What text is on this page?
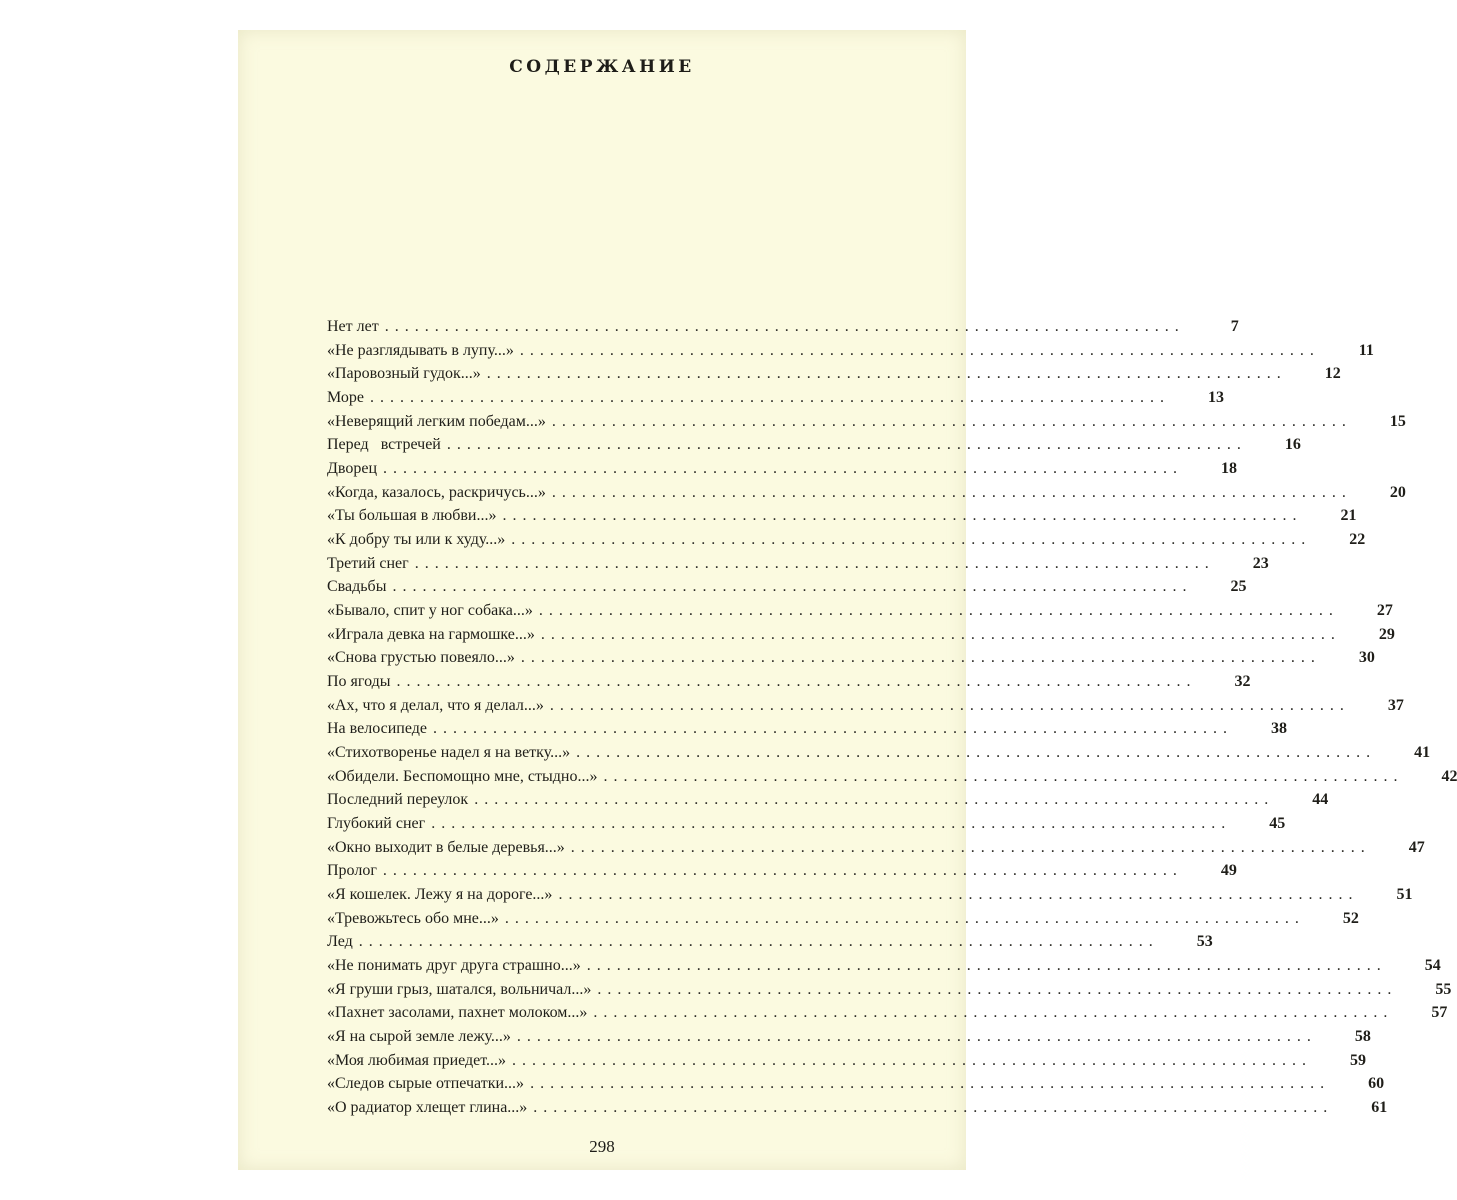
СОДЕРЖАНИЕ
Нет лет ................................................................................	7
«Не разглядывать в лупу...» ................................................................................	11
«Паровозный гудок...» ................................................................................	12
Море ................................................................................	13
«Неверящий легким победам...» ................................................................................	15
Перед   встречей ................................................................................	16
Дворец ................................................................................	18
«Когда, казалось, раскричусь...» ................................................................................	20
«Ты большая в любви...» ................................................................................	21
«К добру ты или к худу...» ................................................................................	22
Третий снег ................................................................................	23
Свадьбы ................................................................................	25
«Бывало, спит у ног собака...» ................................................................................	27
«Играла девка на гармошке...» ................................................................................	29
«Снова грустью повеяло...» ................................................................................	30
По ягоды ................................................................................	32
«Ах, что я делал, что я делал...» ................................................................................	37
На велосипеде ................................................................................	38
«Стихотворенье надел я на ветку...» ................................................................................	41
«Обидели. Беспомощно мне, стыдно...» ................................................................................	42
Последний переулок ................................................................................	44
Глубокий снег ................................................................................	45
«Окно выходит в белые деревья...» ................................................................................	47
Пролог ................................................................................	49
«Я кошелек. Лежу я на дороге...» ................................................................................	51
«Тревожьтесь обо мне...» ................................................................................	52
Лед ................................................................................	53
«Не понимать друг друга страшно...» ................................................................................	54
«Я груши грыз, шатался, вольничал...» ................................................................................	55
«Пахнет засолами, пахнет молоком...» ................................................................................	57
«Я на сырой земле лежу...» ................................................................................	58
«Моя любимая приедет...» ................................................................................	59
«Следов сырые отпечатки...» ................................................................................	60
«О радиатор хлещет глина...» ................................................................................	61
298
